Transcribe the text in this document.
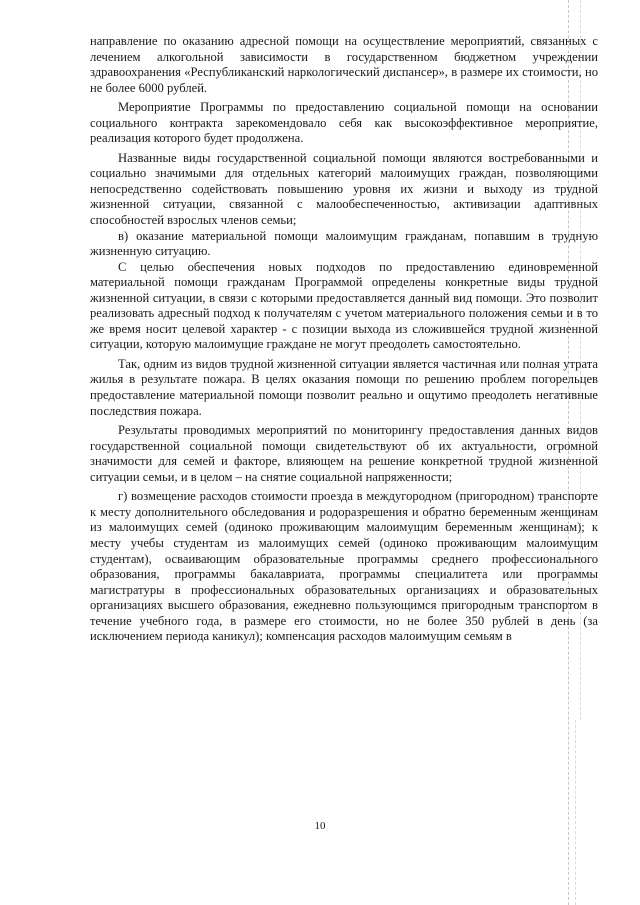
направление по оказанию адресной помощи на осуществление мероприятий, связанных с лечением алкогольной зависимости в государственном бюджетном учреждении здравоохранения «Республиканский наркологический диспансер», в размере их стоимости, но не более 6000 рублей.

Мероприятие Программы по предоставлению социальной помощи на основании социального контракта зарекомендовало себя как высокоэффективное мероприятие, реализация которого будет продолжена.

Названные виды государственной социальной помощи являются востребованными и социально значимыми для отдельных категорий малоимущих граждан, позволяющими непосредственно содействовать повышению уровня их жизни и выходу из трудной жизненной ситуации, связанной с малообеспеченностью, активизации адаптивных способностей взрослых членов семьи;

в) оказание материальной помощи малоимущим гражданам, попавшим в трудную жизненную ситуацию.

С целью обеспечения новых подходов по предоставлению единовременной материальной помощи гражданам Программой определены конкретные виды трудной жизненной ситуации, в связи с которыми предоставляется данный вид помощи. Это позволит реализовать адресный подход к получателям с учетом материального положения семьи и в то же время носит целевой характер - с позиции выхода из сложившейся трудной жизненной ситуации, которую малоимущие граждане не могут преодолеть самостоятельно.

Так, одним из видов трудной жизненной ситуации является частичная или полная утрата жилья в результате пожара. В целях оказания помощи по решению проблем погорельцев предоставление материальной помощи позволит реально и ощутимо преодолеть негативные последствия пожара.

Результаты проводимых мероприятий по мониторингу предоставления данных видов государственной социальной помощи свидетельствуют об их актуальности, огромной значимости для семей и факторе, влияющем на решение конкретной трудной жизненной ситуации семьи, и в целом – на снятие социальной напряженности;

г) возмещение расходов стоимости проезда в междугородном (пригородном) транспорте к месту дополнительного обследования и родоразрешения и обратно беременным женщинам из малоимущих семей (одиноко проживающим малоимущим беременным женщинам); к месту учебы студентам из малоимущих семей (одиноко проживающим малоимущим студентам), осваивающим образовательные программы среднего профессионального образования, программы бакалавриата, программы специалитета или программы магистратуры в профессиональных образовательных организациях и образовательных организациях высшего образования, ежедневно пользующимся пригородным транспортом в течение учебного года, в размере его стоимости, но не более 350 рублей в день (за исключением периода каникул); компенсация расходов малоимущим семьям в

10
